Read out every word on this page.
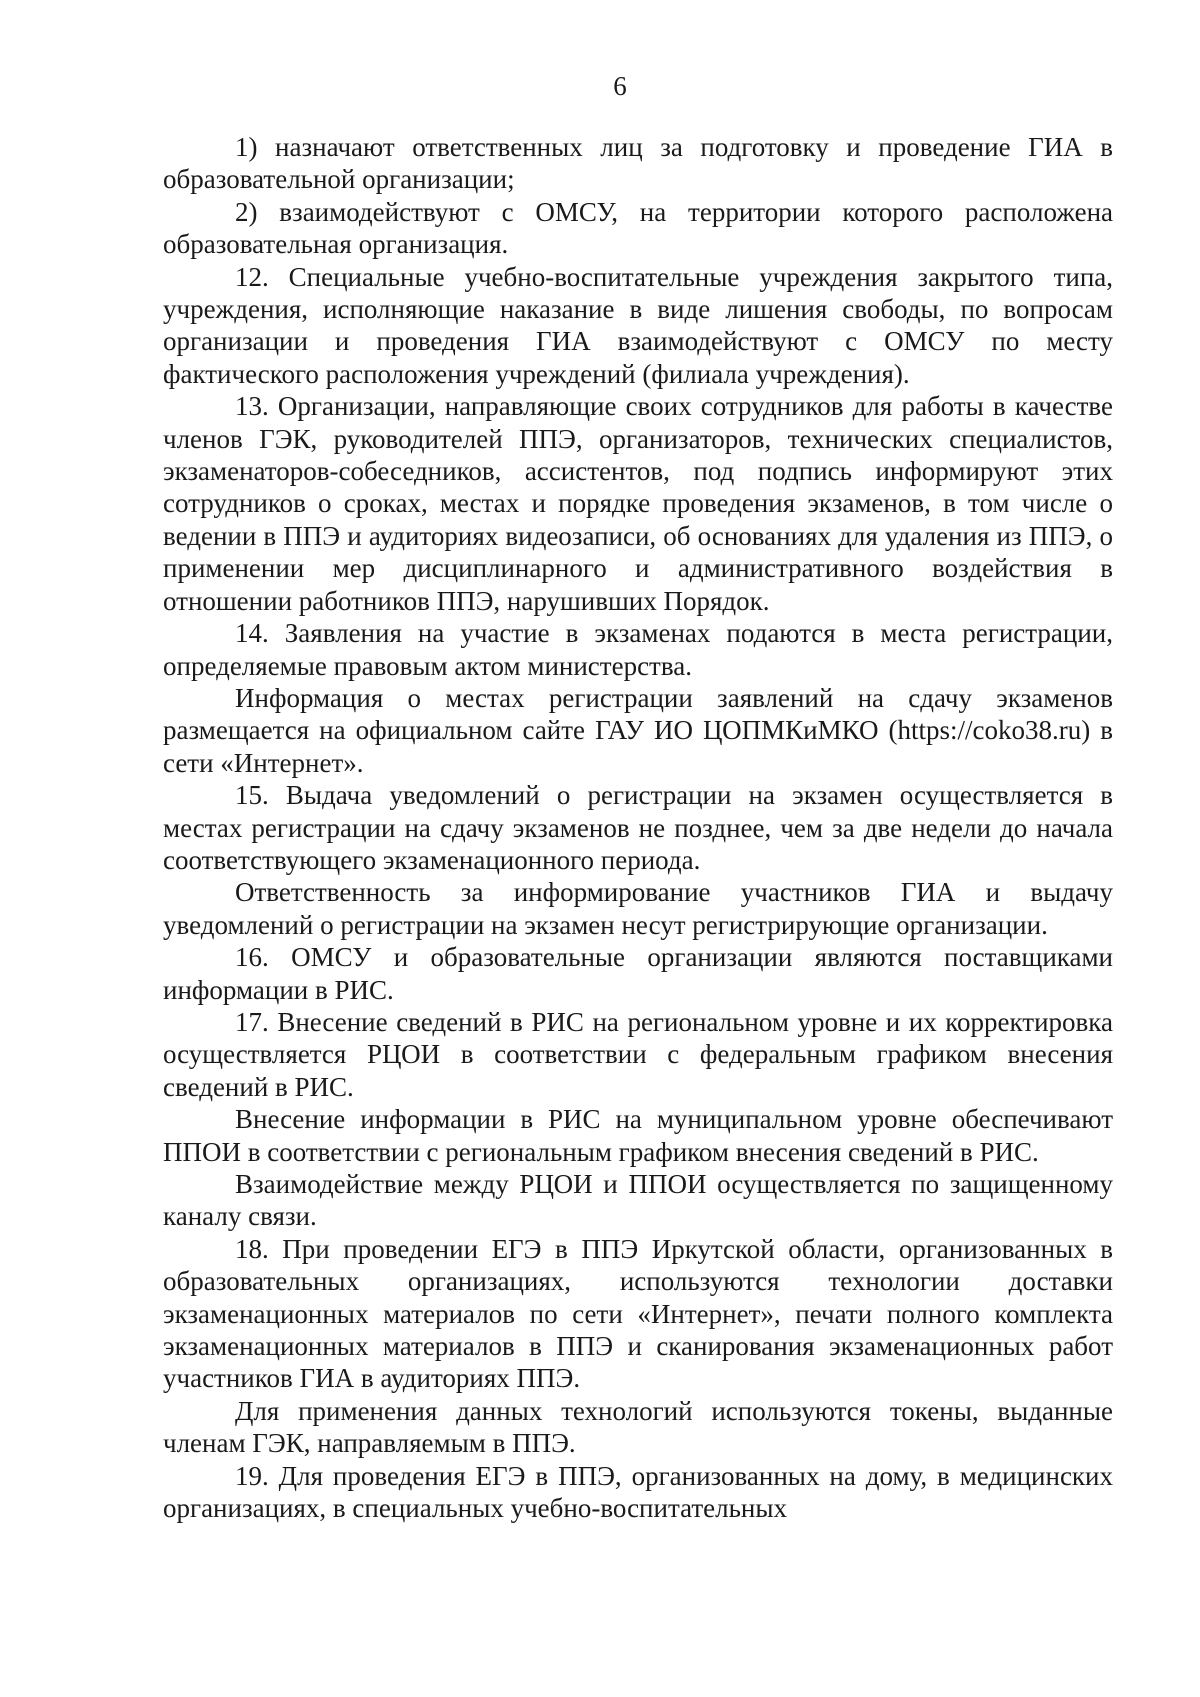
6

1) назначают ответственных лиц за подготовку и проведение ГИА в образовательной организации;

2) взаимодействуют с ОМСУ, на территории которого расположена образовательная организация.

12. Специальные учебно-воспитательные учреждения закрытого типа, учреждения, исполняющие наказание в виде лишения свободы, по вопросам организации и проведения ГИА взаимодействуют с ОМСУ по месту фактического расположения учреждений (филиала учреждения).

13. Организации, направляющие своих сотрудников для работы в качестве членов ГЭК, руководителей ППЭ, организаторов, технических специалистов, экзаменаторов-собеседников, ассистентов, под подпись информируют этих сотрудников о сроках, местах и порядке проведения экзаменов, в том числе о ведении в ППЭ и аудиториях видеозаписи, об основаниях для удаления из ППЭ, о применении мер дисциплинарного и административного воздействия в отношении работников ППЭ, нарушивших Порядок.

14. Заявления на участие в экзаменах подаются в места регистрации, определяемые правовым актом министерства.

Информация о местах регистрации заявлений на сдачу экзаменов размещается на официальном сайте ГАУ ИО ЦОПМКиМКО (https://coko38.ru) в сети «Интернет».

15. Выдача уведомлений о регистрации на экзамен осуществляется в местах регистрации на сдачу экзаменов не позднее, чем за две недели до начала соответствующего экзаменационного периода.

Ответственность за информирование участников ГИА и выдачу уведомлений о регистрации на экзамен несут регистрирующие организации.

16. ОМСУ и образовательные организации являются поставщиками информации в РИС.

17. Внесение сведений в РИС на региональном уровне и их корректировка осуществляется РЦОИ в соответствии с федеральным графиком внесения сведений в РИС.

Внесение информации в РИС на муниципальном уровне обеспечивают ППОИ в соответствии с региональным графиком внесения сведений в РИС.

Взаимодействие между РЦОИ и ППОИ осуществляется по защищенному каналу связи.

18. При проведении ЕГЭ в ППЭ Иркутской области, организованных в образовательных организациях, используются технологии доставки экзаменационных материалов по сети «Интернет», печати полного комплекта экзаменационных материалов в ППЭ и сканирования экзаменационных работ участников ГИА в аудиториях ППЭ.

Для применения данных технологий используются токены, выданные членам ГЭК, направляемым в ППЭ.

19. Для проведения ЕГЭ в ППЭ, организованных на дому, в медицинских организациях, в специальных учебно-воспитательных
